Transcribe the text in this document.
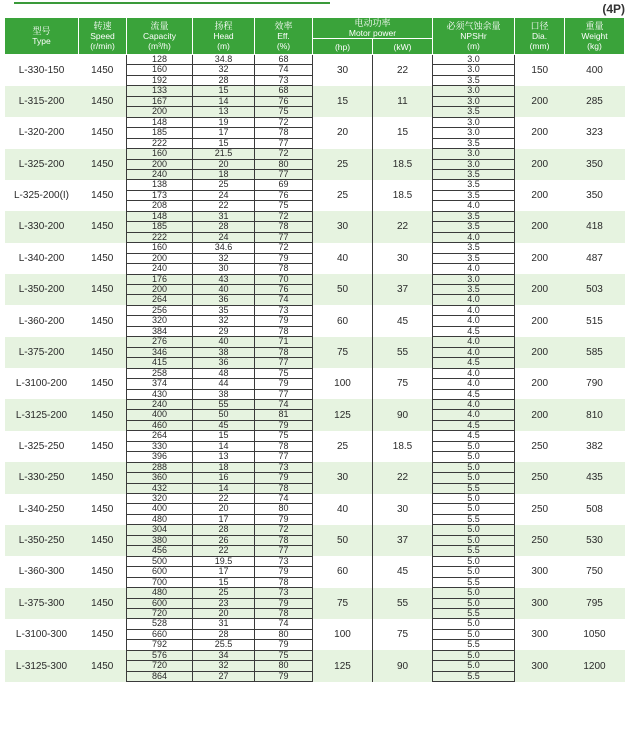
(4P)
型号
Type	转速
Speed
(r/min)	流量
Capacity
(m³/h)	扬程
Head
(m)	效率
Eff.
(%)	电动功率
Motor power		必须气蚀余量
NPSHr
(m)	口径
Dia.
(mm)	重量
Weight
(kg)
					(hp)	(kW)			
L-330-150	1450	128	34.8	68	30	22	3.0	150	400
		160	32	74			3.0		
		192	28	73			3.5		
L-315-200	1450	133	15	68	15	11	3.0	200	285
		167	14	76			3.0		
		200	13	75			3.5		
L-320-200	1450	148	19	72	20	15	3.0	200	323
		185	17	78			3.0		
		222	15	77			3.5		
L-325-200	1450	160	21.5	72	25	18.5	3.0	200	350
		200	20	80			3.0		
		240	18	77			3.5		
L-325-200(I)	1450	138	25	69	25	18.5	3.5	200	350
		173	24	76			3.5		
		208	22	75			4.0		
L-330-200	1450	148	31	72	30	22	3.5	200	418
		185	28	78			3.5		
		222	24	77			4.0		
L-340-200	1450	160	34.6	72	40	30	3.5	200	487
		200	32	79			3.5		
		240	30	78			4.0		
L-350-200	1450	176	43	70	50	37	3.0	200	503
		200	40	76			3.5		
		264	36	74			4.0		
L-360-200	1450	256	35	73	60	45	4.0	200	515
		320	32	79			4.0		
		384	29	78			4.5		
L-375-200	1450	276	40	71	75	55	4.0	200	585
		346	38	78			4.0		
		415	36	77			4.5		
L-3100-200	1450	258	48	75	100	75	4.0	200	790
		374	44	79			4.0		
		430	38	77			4.5		
L-3125-200	1450	240	55	74	125	90	4.0	200	810
		400	50	81			4.0		
		460	45	79			4.5		
L-325-250	1450	264	15	75	25	18.5	4.5	250	382
		330	14	78			5.0		
		396	13	77			5.0		
L-330-250	1450	288	18	73	30	22	5.0	250	435
		360	16	79			5.0		
		432	14	78			5.5		
L-340-250	1450	320	22	74	40	30	5.0	250	508
		400	20	80			5.0		
		480	17	79			5.5		
L-350-250	1450	304	28	72	50	37	5.0	250	530
		380	26	78			5.0		
		456	22	77			5.5		
L-360-300	1450	500	19.5	73	60	45	5.0	300	750
		600	17	79			5.0		
		700	15	78			5.5		
L-375-300	1450	480	25	73	75	55	5.0	300	795
		600	23	79			5.0		
		720	20	78			5.5		
L-3100-300	1450	528	31	74	100	75	5.0	300	1050
		660	28	80			5.0		
		792	25.5	79			5.5		
L-3125-300	1450	576	34	75	125	90	5.0	300	1200
		720	32	80			5.0		
		864	27	79			5.5		
